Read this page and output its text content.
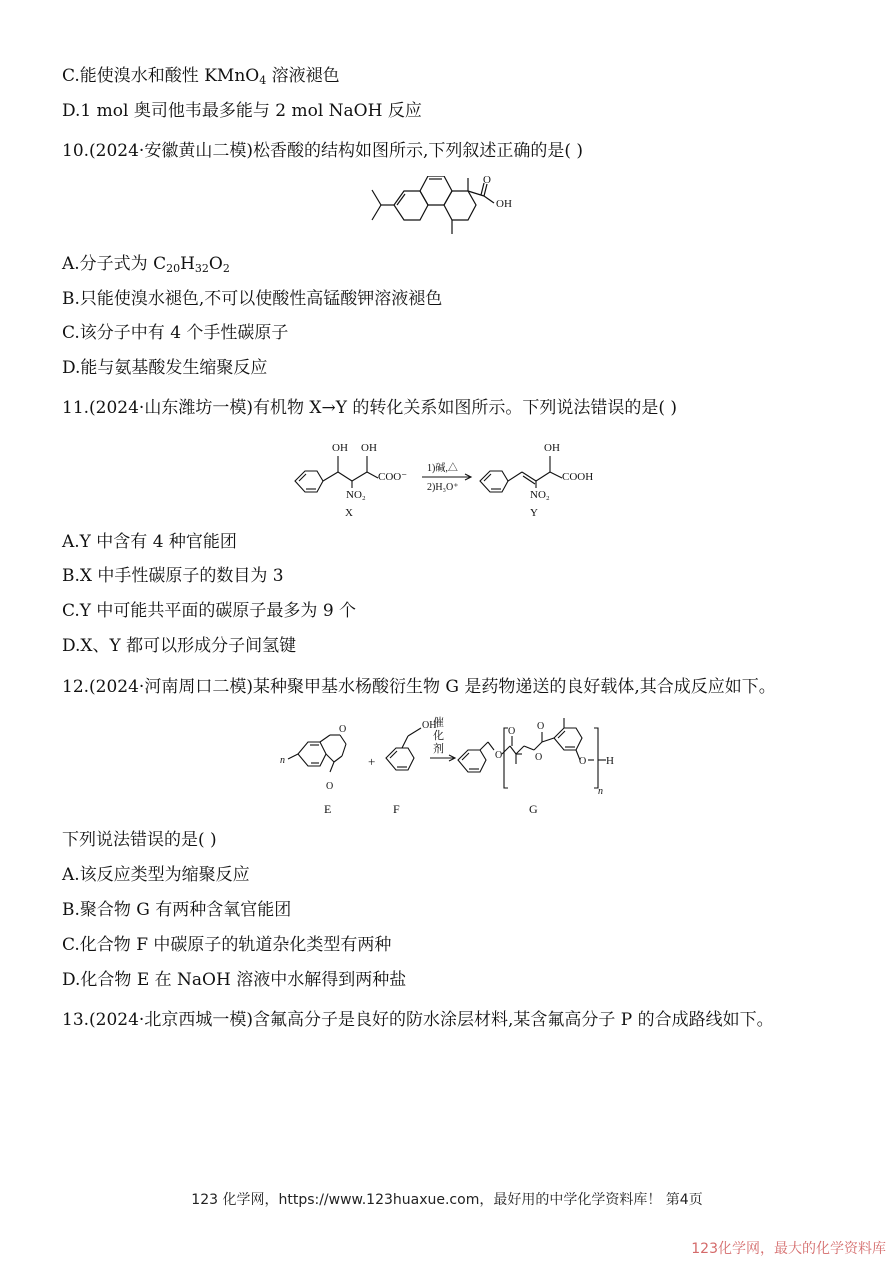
C.能使溴水和酸性 KMnO$_4$ 溶液褪色
D.1 mol 奥司他韦最多能与 2 mol NaOH 反应
10.(2024·安徽黄山二模)松香酸的结构如图所示,下列叙述正确的是( )
O
OH
A.分子式为 $C_{20}H_{32}O_2$
B.只能使溴水褪色,不可以使酸性高锰酸钾溶液褪色
C.该分子中有 4 个手性碳原子
D.能与氨基酸发生缩聚反应
11.(2024·山东潍坊一模)有机物 X→Y 的转化关系如图所示。下列说法错误的是( )
OH OH
COO⁻
NO₂
X
1)碱,△
2)H₃O⁺
OH
COOH
NO₂
Y
A.Y 中含有 4 种官能团
B.X 中手性碳原子的数目为 3
C.Y 中可能共平面的碳原子最多为 9 个
D.X、Y 都可以形成分子间氢键
12.(2024·河南周口二模)某种聚甲基水杨酸衍生物 G 是药物递送的良好载体,其合成反应如下。
n
O
O
E
+
OH
F
催
化
剂
O
O
O
O
O H
n
G
下列说法错误的是( )
A.该反应类型为缩聚反应
B.聚合物 G 有两种含氧官能团
C.化合物 F 中碳原子的轨道杂化类型有两种
D.化合物 E 在 NaOH 溶液中水解得到两种盐
13.(2024·北京西城一模)含氟高分子是良好的防水涂层材料,某含氟高分子 P 的合成路线如下。
123 化学网，https://www.123huaxue.com，最好用的中学化学资料库！ 第4页
123化学网，最大的化学资料库
